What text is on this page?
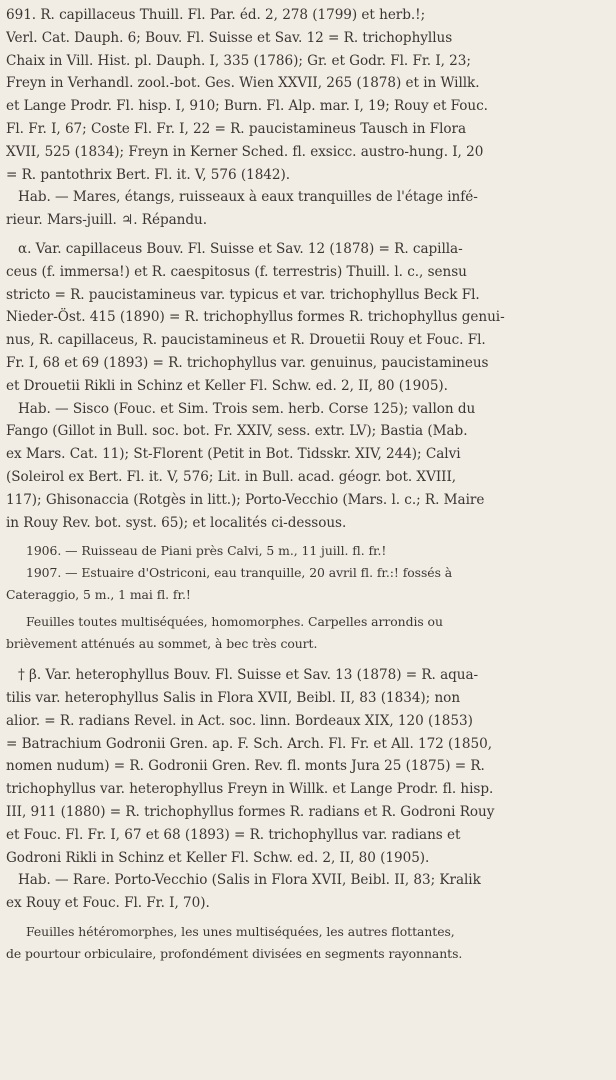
691. R. capillaceus Thuill. Fl. Par. éd. 2, 278 (1799) et herb.!;
Verl. Cat. Dauph. 6; Bouv. Fl. Suisse et Sav. 12 = R. trichophyllus
Chaix in Vill. Hist. pl. Dauph. I, 335 (1786); Gr. et Godr. Fl. Fr. I, 23;
Freyn in Verhandl. zool.-bot. Ges. Wien XXVII, 265 (1878) et in Willk.
et Lange Prodr. Fl. hisp. I, 910; Burn. Fl. Alp. mar. I, 19; Rouy et Fouc.
Fl. Fr. I, 67; Coste Fl. Fr. I, 22 = R. paucistamineus Tausch in Flora
XVII, 525 (1834); Freyn in Kerner Sched. fl. exsicc. austro-hung. I, 20
= R. pantothrix Bert. Fl. it. V, 576 (1842).
Hab. — Mares, étangs, ruisseaux à eaux tranquilles de l'étage infé-
rieur. Mars-juill. ♃. Répandu.
α. Var. capillaceus Bouv. Fl. Suisse et Sav. 12 (1878) = R. capilla-
ceus (f. immersa!) et R. caespitosus (f. terrestris) Thuill. l. c., sensu
stricto = R. paucistamineus var. typicus et var. trichophyllus Beck Fl.
Nieder-Öst. 415 (1890) = R. trichophyllus formes R. trichophyllus genui-
nus, R. capillaceus, R. paucistamineus et R. Drouetii Rouy et Fouc. Fl.
Fr. I, 68 et 69 (1893) = R. trichophyllus var. genuinus, paucistamineus
et Drouetii Rikli in Schinz et Keller Fl. Schw. ed. 2, II, 80 (1905).
Hab. — Sisco (Fouc. et Sim. Trois sem. herb. Corse 125); vallon du
Fango (Gillot in Bull. soc. bot. Fr. XXIV, sess. extr. LV); Bastia (Mab.
ex Mars. Cat. 11); St-Florent (Petit in Bot. Tidsskr. XIV, 244); Calvi
(Soleirol ex Bert. Fl. it. V, 576; Lit. in Bull. acad. géogr. bot. XVIII,
117); Ghisonaccia (Rotgès in litt.); Porto-Vecchio (Mars. l. c.; R. Maire
in Rouy Rev. bot. syst. 65); et localités ci-dessous.
1906. — Ruisseau de Piani près Calvi, 5 m., 11 juill. fl. fr.!
1907. — Estuaire d'Ostriconi, eau tranquille, 20 avril fl. fr.:! fossés à
Cateraggio, 5 m., 1 mai fl. fr.!
Feuilles toutes multiséquées, homomorphes. Carpelles arrondis ou
brièvement atténués au sommet, à bec très court.
† β. Var. heterophyllus Bouv. Fl. Suisse et Sav. 13 (1878) = R. aqua-
tilis var. heterophyllus Salis in Flora XVII, Beibl. II, 83 (1834); non
alior. = R. radians Revel. in Act. soc. linn. Bordeaux XIX, 120 (1853)
= Batrachium Godronii Gren. ap. F. Sch. Arch. Fl. Fr. et All. 172 (1850,
nomen nudum) = R. Godronii Gren. Rev. fl. monts Jura 25 (1875) = R.
trichophyllus var. heterophyllus Freyn in Willk. et Lange Prodr. fl. hisp.
III, 911 (1880) = R. trichophyllus formes R. radians et R. Godroni Rouy
et Fouc. Fl. Fr. I, 67 et 68 (1893) = R. trichophyllus var. radians et
Godroni Rikli in Schinz et Keller Fl. Schw. ed. 2, II, 80 (1905).
Hab. — Rare. Porto-Vecchio (Salis in Flora XVII, Beibl. II, 83; Kralik
ex Rouy et Fouc. Fl. Fr. I, 70).
Feuilles hétéromorphes, les unes multiséquées, les autres flottantes,
de pourtour orbiculaire, profondément divisées en segments rayonnants.
